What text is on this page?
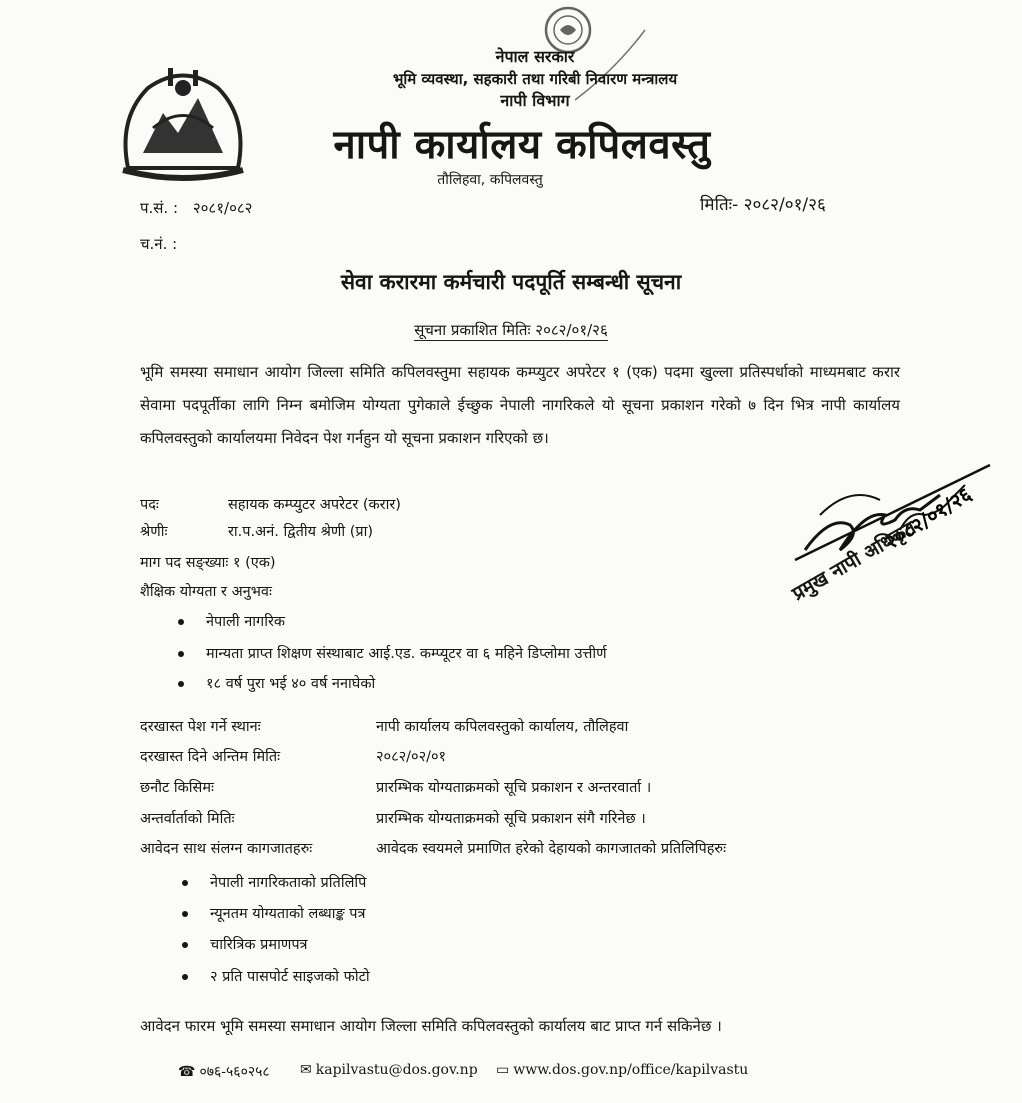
नेपाल सरकार
भूमि व्यवस्था, सहकारी तथा गरिबी निवारण मन्त्रालय
नापी विभाग
नापी कार्यालय कपिलवस्तु
तौलिहवा, कपिलवस्तु
प.सं. : २०८१/०८२	मितिः- २०८२/०१/२६
च.नं. :
सेवा करारमा कर्मचारी पदपूर्ति सम्बन्धी सूचना
सूचना प्रकाशित मितिः २०८२/०१/२६
भूमि समस्या समाधान आयोग जिल्ला समिति कपिलवस्तुमा सहायक कम्प्युटर अपरेटर १ (एक) पदमा खुल्ला प्रतिस्पर्धाको माध्यमबाट करार सेवामा पदपूर्तीका लागि निम्न बमोजिम योग्यता पुगेकाले ईच्छुक नेपाली नागरिकले यो सूचना प्रकाशन गरेको ७ दिन भित्र नापी कार्यालय कपिलवस्तुको कार्यालयमा निवेदन पेश गर्नहुन यो सूचना प्रकाशन गरिएको छ।
पदः	सहायक कम्प्युटर अपरेटर (करार)
श्रेणीः	रा.प.अनं. द्वितीय श्रेणी (प्रा)
माग पद सङ्ख्याः १ (एक)
शैक्षिक योग्यता र अनुभवः
नेपाली नागरिक
मान्यता प्राप्त शिक्षण संस्थाबाट आई.एड. कम्प्यूटर वा ६ महिने डिप्लोमा उत्तीर्ण
१८ वर्ष पुरा भई ४० वर्ष ननाघेको
दरखास्त पेश गर्ने स्थानः	नापी कार्यालय कपिलवस्तुको कार्यालय, तौलिहवा
दरखास्त दिने अन्तिम मितिः	२०८२/०२/०१
छनौट किसिमः	प्रारम्भिक योग्यताक्रमको सूचि प्रकाशन र अन्तरवार्ता ।
अन्तर्वार्ताको मितिः	प्रारम्भिक योग्यताक्रमको सूचि प्रकाशन संगै गरिनेछ ।
आवेदन साथ संलग्न कागजातहरुः	आवेदक स्वयमले प्रमाणित हरेको देहायको कागजातको प्रतिलिपिहरुः
नेपाली नागरिकताको प्रतिलिपि
न्यूनतम योग्यताको लब्धाङ्क पत्र
चारित्रिक प्रमाणपत्र
२ प्रति पासपोर्ट साइजको फोटो
आवेदन फारम भूमि समस्या समाधान आयोग जिल्ला समिति कपिलवस्तुको कार्यालय बाट प्राप्त गर्न सकिनेछ ।
☎ ०७६-५६०२५८ ✉ kapilvastu@dos.gov.np ▭ www.dos.gov.np/office/kapilvastu
२०८२/०१/२६
प्रमुख नापी अधिकृत
